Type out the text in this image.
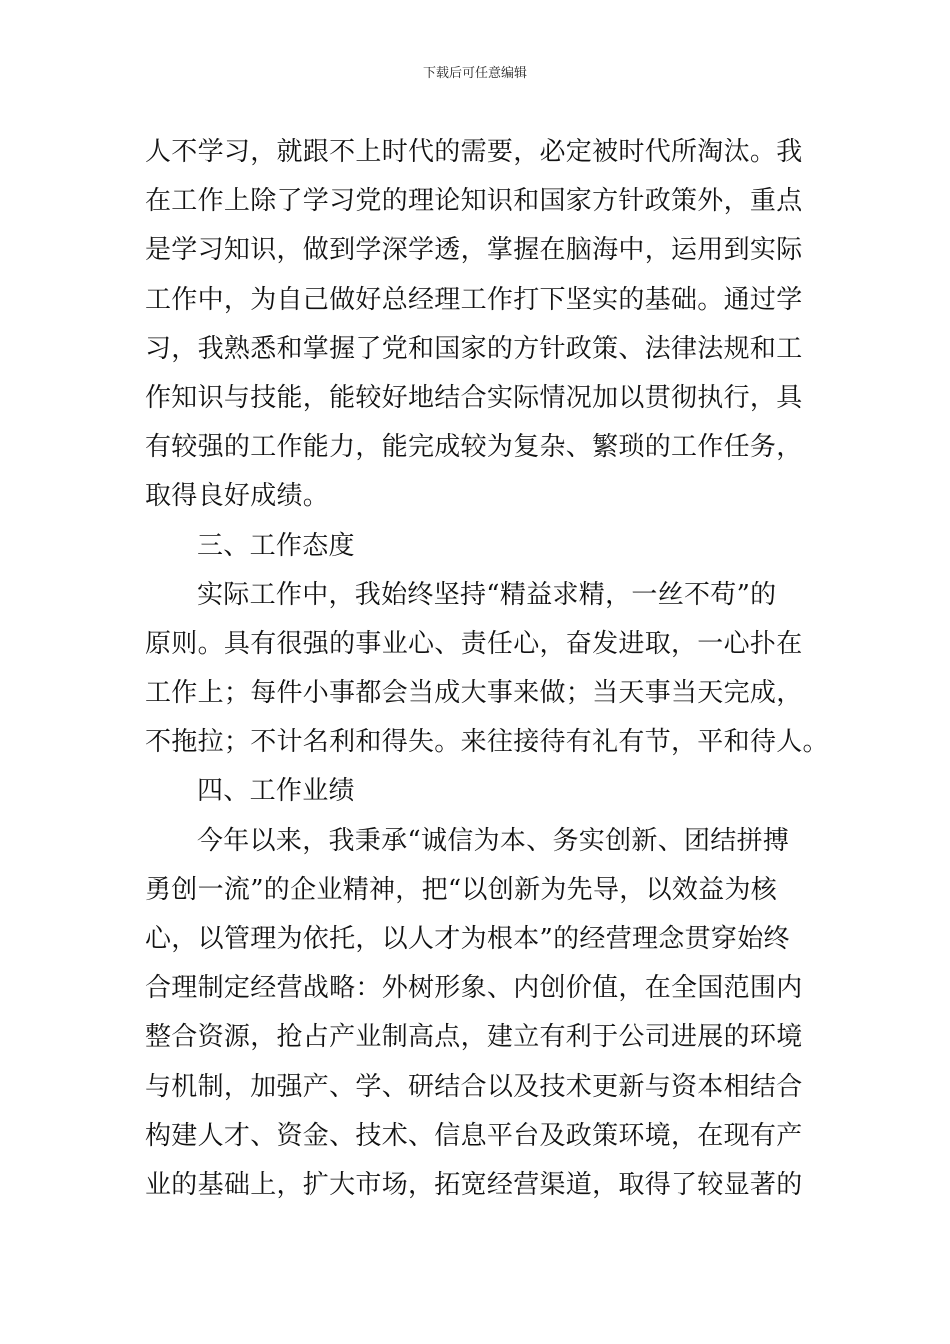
下载后可任意编辑
人不学习，就跟不上时代的需要，必定被时代所淘汰。我
在工作上除了学习党的理论知识和国家方针政策外，重点
是学习知识，做到学深学透，掌握在脑海中，运用到实际
工作中，为自己做好总经理工作打下坚实的基础。通过学
习，我熟悉和掌握了党和国家的方针政策、法律法规和工
作知识与技能，能较好地结合实际情况加以贯彻执行，具
有较强的工作能力，能完成较为复杂、繁琐的工作任务，
取得良好成绩。
三、工作态度
实际工作中，我始终坚持“精益求精，一丝不苟”的
原则。具有很强的事业心、责任心，奋发进取，一心扑在
工作上；每件小事都会当成大事来做；当天事当天完成，
不拖拉；不计名利和得失。来往接待有礼有节，平和待人。
四、工作业绩
今年以来，我秉承“诚信为本、务实创新、团结拼搏
勇创一流”的企业精神，把“以创新为先导，以效益为核
心，以管理为依托，以人才为根本”的经营理念贯穿始终
合理制定经营战略：外树形象、内创价值，在全国范围内
整合资源，抢占产业制高点，建立有利于公司进展的环境
与机制，加强产、学、研结合以及技术更新与资本相结合
构建人才、资金、技术、信息平台及政策环境，在现有产
业的基础上，扩大市场，拓宽经营渠道，取得了较显著的
